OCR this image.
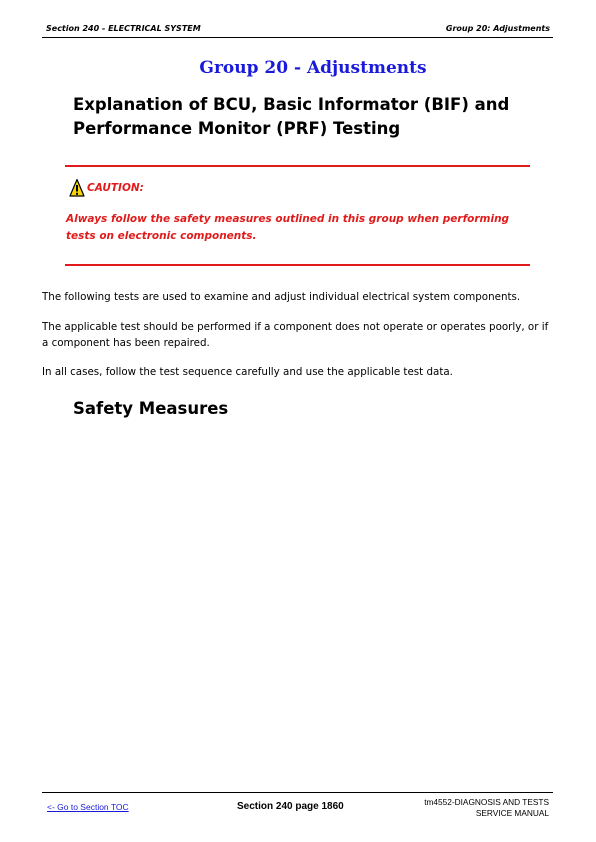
Section 240 - ELECTRICAL SYSTEM	Group 20: Adjustments
Group 20 - Adjustments
Explanation of BCU, Basic Informator (BIF) and Performance Monitor (PRF) Testing
CAUTION:
Always follow the safety measures outlined in this group when performing tests on electronic components.
The following tests are used to examine and adjust individual electrical system components.
The applicable test should be performed if a component does not operate or operates poorly, or if a component has been repaired.
In all cases, follow the test sequence carefully and use the applicable test data.
Safety Measures
<- Go to Section TOC	Section 240 page 1860	tm4552-DIAGNOSIS AND TESTS
SERVICE MANUAL
